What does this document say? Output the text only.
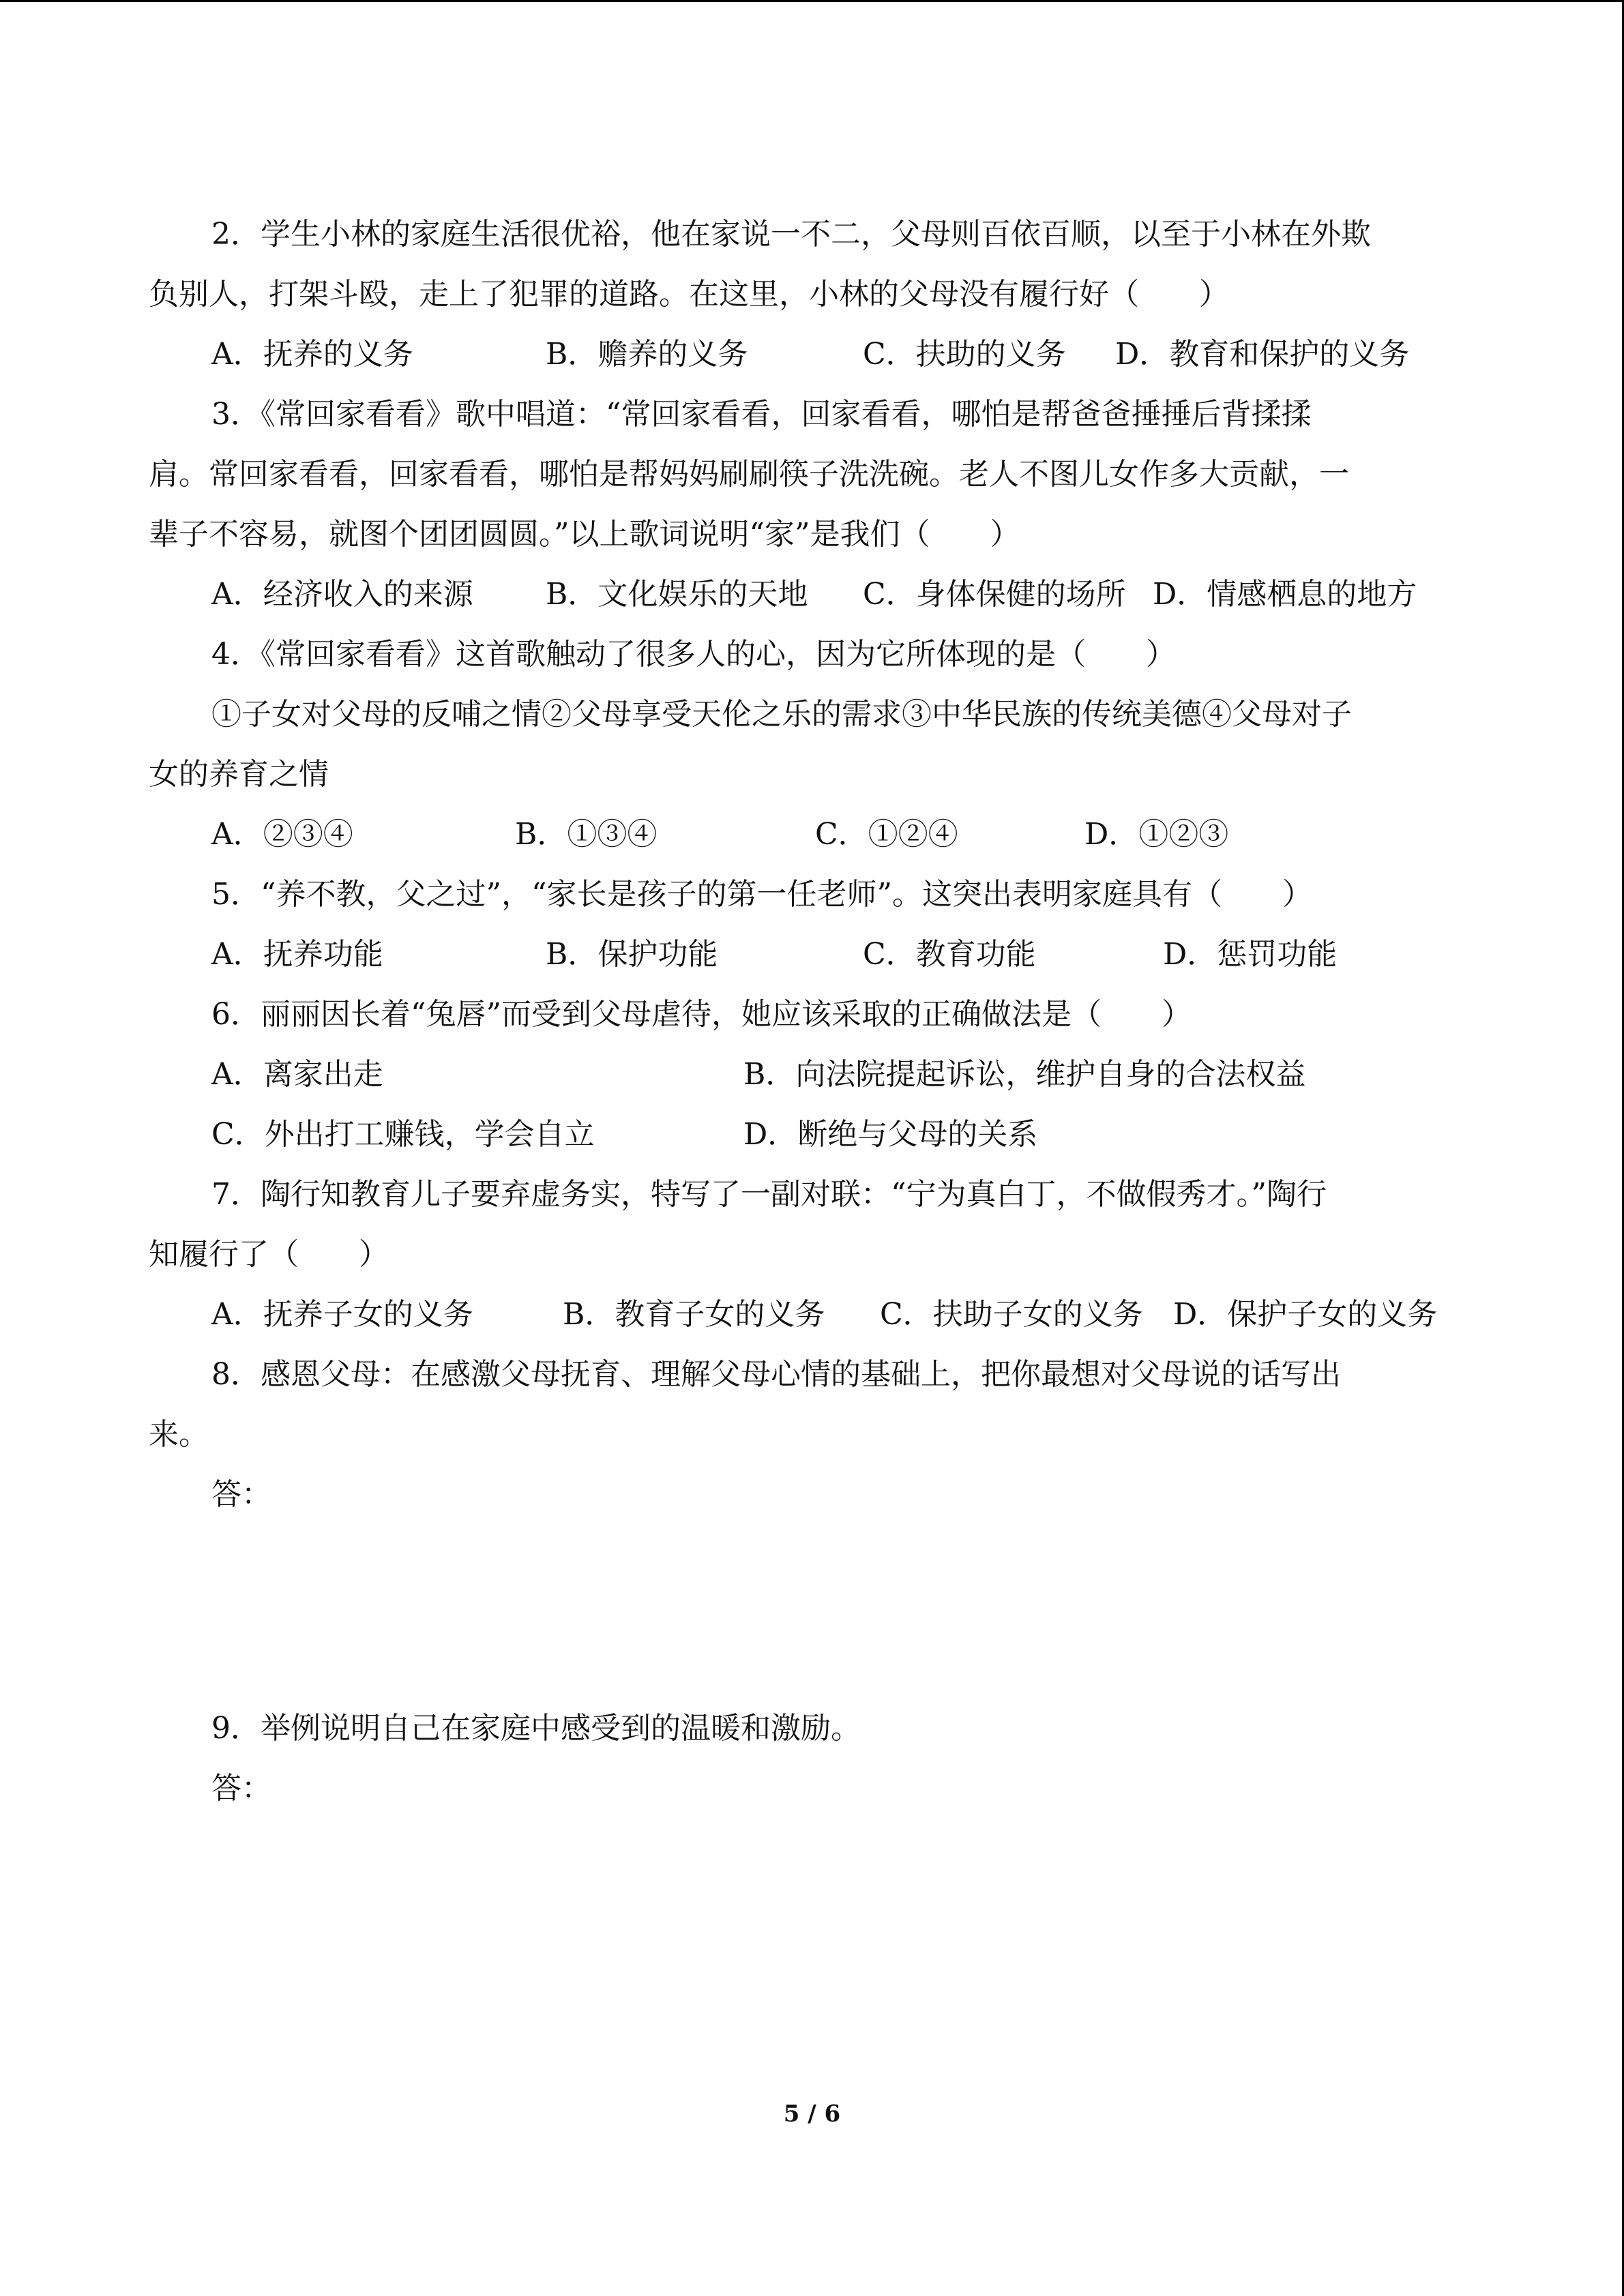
2．学生小林的家庭生活很优裕，他在家说一不二，父母则百依百顺，以至于小林在外欺
负别人，打架斗殴，走上了犯罪的道路。在这里，小林的父母没有履行好（　　）
A．抚养的义务	B．赡养的义务	C．扶助的义务	D．教育和保护的义务
3．《常回家看看》歌中唱道：“常回家看看，回家看看，哪怕是帮爸爸捶捶后背揉揉
肩。常回家看看，回家看看，哪怕是帮妈妈刷刷筷子洗洗碗。老人不图儿女作多大贡献，一
辈子不容易，就图个团团圆圆。”以上歌词说明“家”是我们（　　）
A．经济收入的来源	B．文化娱乐的天地	C．身体保健的场所 D．情感栖息的地方
4．《常回家看看》这首歌触动了很多人的心，因为它所体现的是（　　）
①子女对父母的反哺之情②父母享受天伦之乐的需求③中华民族的传统美德④父母对子
女的养育之情
A．②③④	B．①③④	C．①②④	D．①②③
5．“养不教，父之过”，“家长是孩子的第一任老师”。这突出表明家庭具有（　　）
A．抚养功能	B．保护功能	C．教育功能	D．惩罚功能
6．丽丽因长着“兔唇”而受到父母虐待，她应该采取的正确做法是（　　）
A．离家出走	B．向法院提起诉讼，维护自身的合法权益
C．外出打工赚钱，学会自立	D．断绝与父母的关系
7．陶行知教育儿子要弃虚务实，特写了一副对联：“宁为真白丁，不做假秀才。”陶行
知履行了（　　）
A．抚养子女的义务	B．教育子女的义务	C．扶助子女的义务	D．保护子女的义务
8．感恩父母：在感激父母抚育、理解父母心情的基础上，把你最想对父母说的话写出
来。
答：
9．举例说明自己在家庭中感受到的温暖和激励。
答：
5 / 6
